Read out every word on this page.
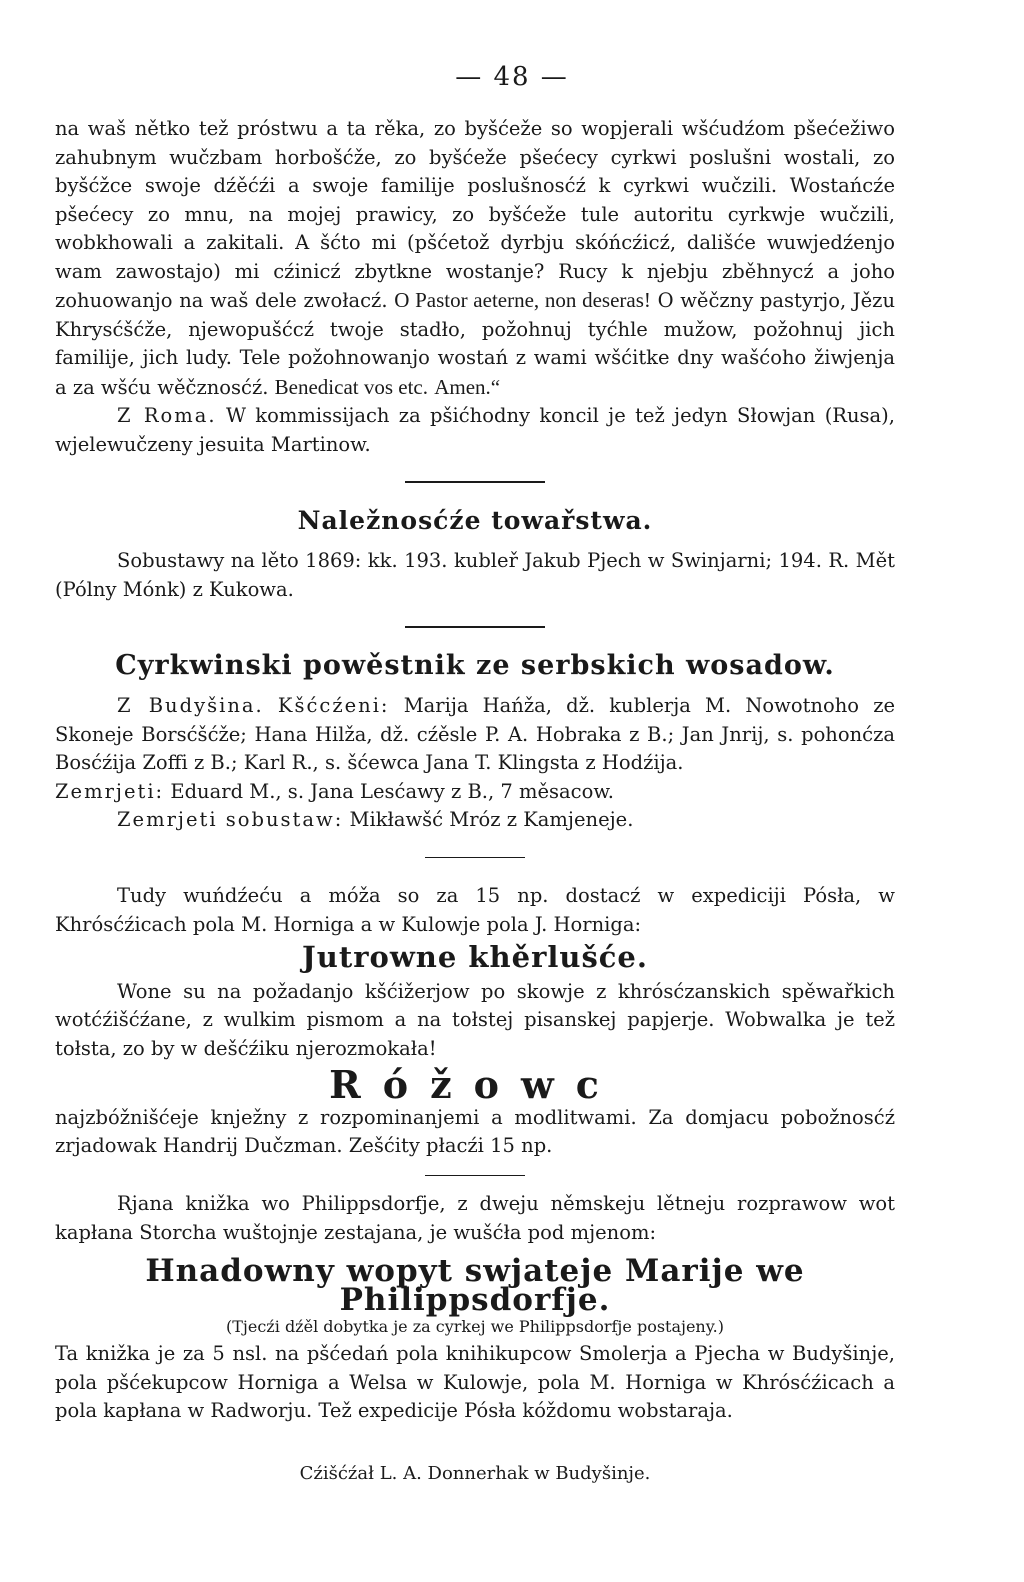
— 48 —

na waš nětko tež próstwu a ta rěka, zo byšćeže so wopjerali wšćudźom pšećežiwo zahubnym wučzbam horbošćže, zo byšćeže pšećecy cyrkwi poslušni wostali, zo byšćžce swoje dźěćźi a swoje familije poslušnosćź k cyrkwi wučzili. Wostańcźe pšećecy zo mnu, na mojej prawicy, zo byšćeže tule autoritu cyrkwje wučzili, wobkhowali a zakitali. A šćto mi (pšćetož dyrbju skóńcźicź, dališće wuwjedźenjo wam zawostajo) mi cźinicź zbytkne wostanje? Rucy k njebju zběhnycź a joho zohuowanjo na waš dele zwołacź. O Pastor aeterne, non deseras! O wěčzny pastyrjo, Jězu Khrysćšćže, njewopušćcź twoje stadło, požohnuj tyćhle mužow, požohnuj jich familije, jich ludy. Tele požohnowanjo wostań z wami wšćitke dny wašćoho žiwjenja a za wšću wěčznosćź. Benedicat vos etc. Amen.“

Z Roma. W kommissijach za pšićhodny koncil je tež jedyn Słowjan (Rusa), wjelewučzeny jesuita Martinow.

Naležnosćźe towařstwa.

Sobustawy na lěto 1869: kk. 193. kubleř Jakub Pjech w Swinjarni; 194. R. Mět (Pólny Mónk) z Kukowa.

Cyrkwinski powěstnik ze serbskich wosadow.

Z Budyšina. Kšćcźeni: Marija Hańža, dž. kublerja M. Nowotnoho ze Skoneje Borsćšćže; Hana Hilža, dž. cźěsle P. A. Hobraka z B.; Jan Jnrij, s. pohonćza Bosćźija Zoffi z B.; Karl R., s. šćewca Jana T. Klingsta z Hodźija.

Zemrjeti: Eduard M., s. Jana Lesćawy z B., 7 měsacow.

Zemrjeti sobustaw: Mikławšć Mróz z Kamjeneje.

Tudy wuńdźeću a móža so za 15 np. dostacź w expediciji Pósła, w Khrósćźicach pola M. Horniga a w Kulowje pola J. Horniga:

Jutrowne khěrlušće.

Wone su na požadanjo kšćižerjow po skowje z khrósćzanskich spěwařkich wotćźišćźane, z wulkim pismom a na tołstej pisanskej papjerje. Wobwalka je tež tołsta, zo by w dešćźiku njerozmokała!

Róžowc

najzbóžnišćeje knježny z rozpominanjemi a modlitwami. Za domjacu pobožnosćź zrjadowak Handrij Dučzman. Zešćity płacźi 15 np.

Rjana knižka wo Philippsdorfje, z dweju němskeju lětneju rozprawow wot kapłana Storcha wuštojnje zestajana, je wušćła pod mjenom:

Hnadowny wopyt swjateje Marije we Philippsdorfje.
(Tjecźi dźěl dobytka je za cyrkej we Philippsdorfje postajeny.)

Ta knižka je za 5 nsl. na pšćedań pola knihikupcow Smolerja a Pjecha w Budyšinje, pola pšćekupcow Horniga a Welsa w Kulowje, pola M. Horniga w Khrósćźicach a pola kapłana w Radworju. Tež expedicije Pósła kóždomu wobstaraja.

Cźišćźał L. A. Donnerhak w Budyšinje.
